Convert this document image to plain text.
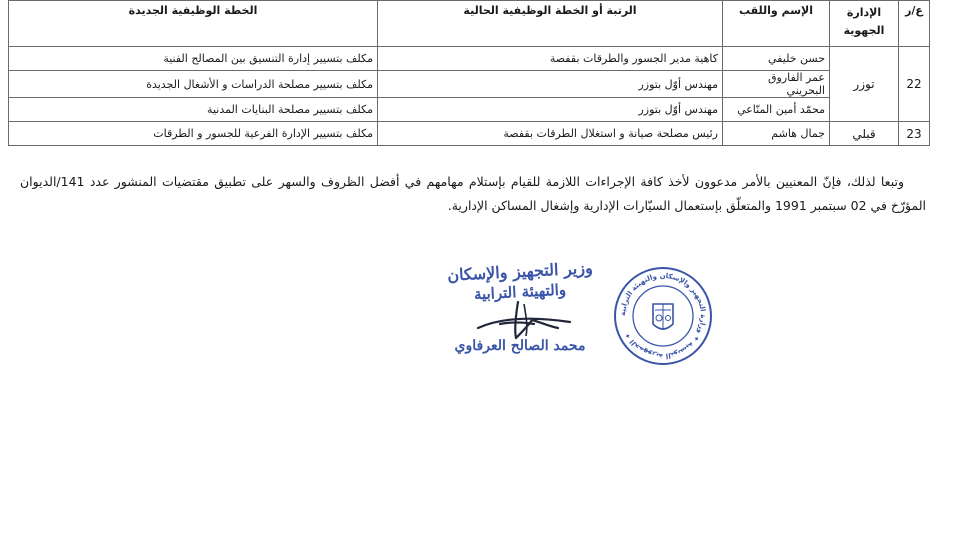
ع/ر	الإدارة الجهوية	الإسم واللقب	الرتبة أو الخطة الوظيفية الحالية	الخطة الوظيفية الجديدة
22	توزر	حسن خليفي	كاهية مدير الجسور والطرقات بقفصة	مكلف بتسيير إدارة التنسيق بين المصالح الفنية
		عمر الفاروق البحريني	مهندس أوّل بتوزر	مكلف بتسيير مصلحة الدراسات و الأشغال الجديدة
		محمّد أمين المنّاعي	مهندس أوّل بتوزر	مكلف بتسيير مصلحة البنايات المدنية
23	قبلي	جمال هاشم	رئيس مصلحة صيانة و استغلال الطرقات بقفصة	مكلف بتسيير الإدارة الفرعية للجسور و الطرقات

وتبعا لذلك، فإنّ المعنيين بالأمر مدعوون لأخذ كافة الإجراءات اللازمة للقيام بإستلام مهامهم في أفضل الظروف والسهر على تطبيق مقتضيات المنشور عدد 141/الديوان المؤرّخ في 02 سبتمبر 1991 والمتعلّق بإستعمال السيّارات الإدارية وإشغال المساكن الإدارية.

وزير التجهيز والإسكان
والتهيئة الترابية
محمد الصالح العرفاوي
الجمهورية التونسية ✦ وزارة التجهيز والإسكان والتهيئة الترابية ✦
